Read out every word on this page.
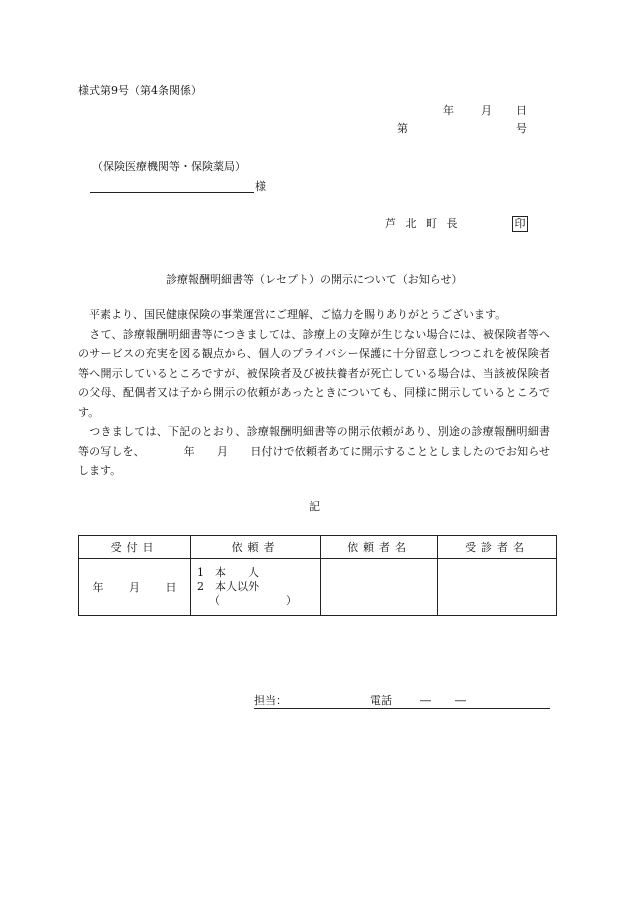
様式第9号（第4条関係）
年 月 日
第	号
（保険医療機関等・保険薬局）
様
芦 北 町 長	印
診療報酬明細書等（レセプト）の開示について（お知らせ）

　平素より、国民健康保険の事業運営にご理解、ご協力を賜りありがとうございます。

　さて、診療報酬明細書等につきましては、診療上の支障が生じない場合には、被保険者等へのサービスの充実を図る観点から、個人のプライバシー保護に十分留意しつつこれを被保険者等へ開示しているところですが、被保険者及び被扶養者が死亡している場合は、当該被保険者の父母、配偶者又は子から開示の依頼があったときについても、同様に開示しているところです。

　つきましては、下記のとおり、診療報酬明細書等の開示依頼があり、別途の診療報酬明細書等の写しを、　　　　年　　月　　日付けで依頼者あてに開示することとしましたのでお知らせします。

記
受付日	依頼者	依頼者名	受診者名
年 月 日	1　本　　人
2　本人以外
（　　　　　　）		

担当：	電話	― ―
